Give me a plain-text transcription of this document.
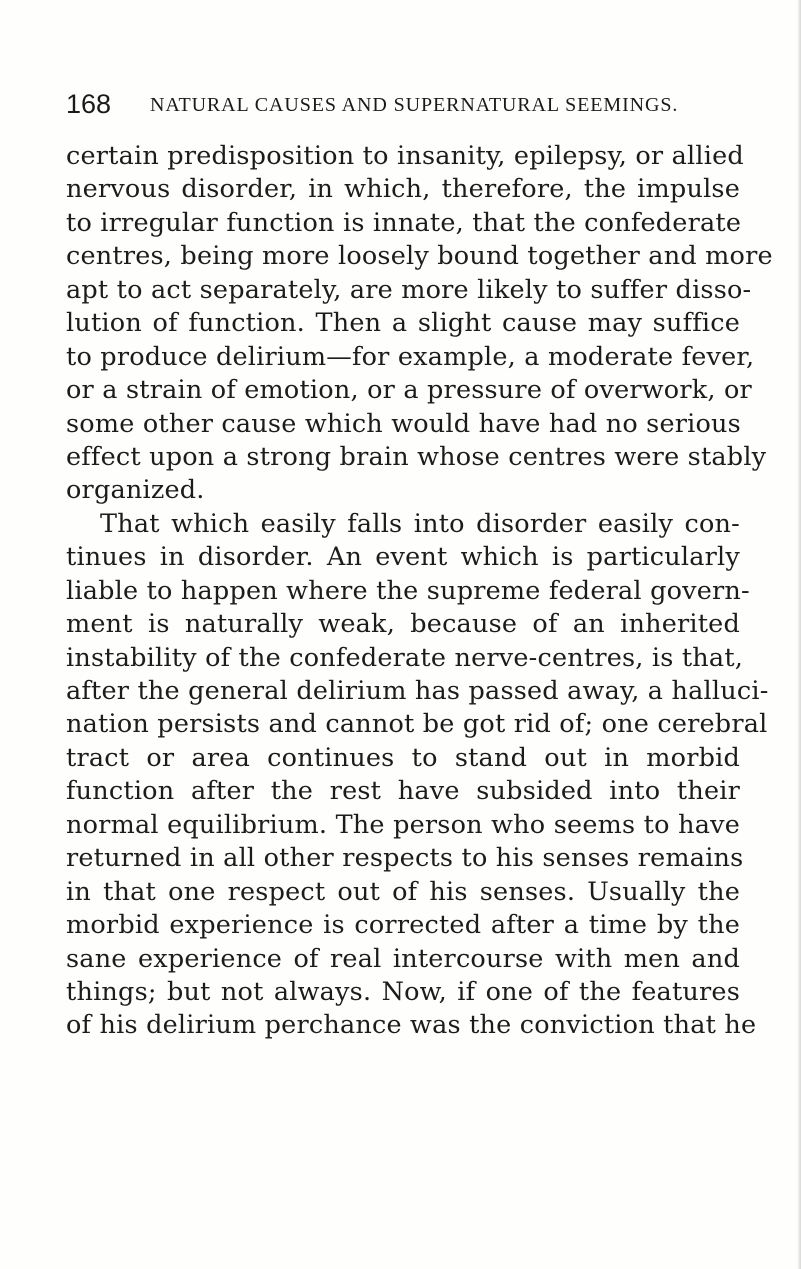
168 NATURAL CAUSES AND SUPERNATURAL SEEMINGS.
certain predisposition to insanity, epilepsy, or allied
nervous disorder, in which, therefore, the impulse
to irregular function is innate, that the confederate
centres, being more loosely bound together and more
apt to act separately, are more likely to suffer disso-
lution of function. Then a slight cause may suffice
to produce delirium—for example, a moderate fever,
or a strain of emotion, or a pressure of overwork, or
some other cause which would have had no serious
effect upon a strong brain whose centres were stably
organized.
That which easily falls into disorder easily con-
tinues in disorder. An event which is particularly
liable to happen where the supreme federal govern-
ment is naturally weak, because of an inherited
instability of the confederate nerve-centres, is that,
after the general delirium has passed away, a halluci-
nation persists and cannot be got rid of; one cerebral
tract or area continues to stand out in morbid
function after the rest have subsided into their
normal equilibrium. The person who seems to have
returned in all other respects to his senses remains
in that one respect out of his senses. Usually the
morbid experience is corrected after a time by the
sane experience of real intercourse with men and
things; but not always. Now, if one of the features
of his delirium perchance was the conviction that he
